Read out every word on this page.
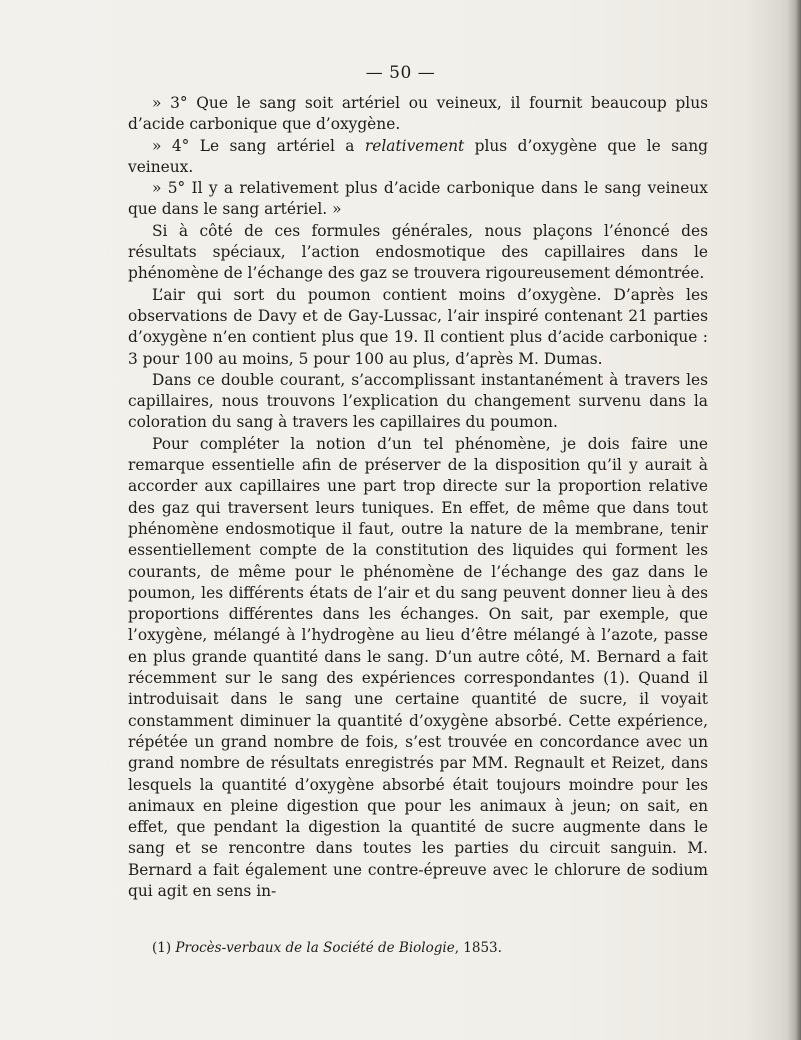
— 50 —

» 3° Que le sang soit artériel ou veineux, il fournit beaucoup plus d’acide carbonique que d’oxygène.

» 4° Le sang artériel a relativement plus d’oxygène que le sang veineux.

» 5° Il y a relativement plus d’acide carbonique dans le sang veineux que dans le sang artériel. »

Si à côté de ces formules générales, nous plaçons l’énoncé des résultats spéciaux, l’action endosmotique des capillaires dans le phénomène de l’échange des gaz se trouvera rigoureusement démontrée.

L’air qui sort du poumon contient moins d’oxygène. D’après les observations de Davy et de Gay-Lussac, l’air inspiré contenant 21 parties d’oxygène n’en contient plus que 19. Il contient plus d’acide carbonique : 3 pour 100 au moins, 5 pour 100 au plus, d’après M. Dumas.

Dans ce double courant, s’accomplissant instantanément à travers les capillaires, nous trouvons l’explication du changement survenu dans la coloration du sang à travers les capillaires du poumon.

Pour compléter la notion d’un tel phénomène, je dois faire une remarque essentielle afin de préserver de la disposition qu’il y aurait à accorder aux capillaires une part trop directe sur la proportion relative des gaz qui traversent leurs tuniques. En effet, de même que dans tout phénomène endosmotique il faut, outre la nature de la membrane, tenir essentiellement compte de la constitution des liquides qui forment les courants, de même pour le phénomène de l’échange des gaz dans le poumon, les différents états de l’air et du sang peuvent donner lieu à des proportions différentes dans les échanges. On sait, par exemple, que l’oxygène, mélangé à l’hydrogène au lieu d’être mélangé à l’azote, passe en plus grande quantité dans le sang. D’un autre côté, M. Bernard a fait récemment sur le sang des expériences correspondantes (1). Quand il introduisait dans le sang une certaine quantité de sucre, il voyait constamment diminuer la quantité d’oxygène absorbé. Cette expérience, répétée un grand nombre de fois, s’est trouvée en concordance avec un grand nombre de résultats enregistrés par MM. Regnault et Reizet, dans lesquels la quantité d’oxygène absorbé était toujours moindre pour les animaux en pleine digestion que pour les animaux à jeun; on sait, en effet, que pendant la digestion la quantité de sucre augmente dans le sang et se rencontre dans toutes les parties du circuit sanguin. M. Bernard a fait également une contre-épreuve avec le chlorure de sodium qui agit en sens in-

(1) Procès-verbaux de la Société de Biologie, 1853.
